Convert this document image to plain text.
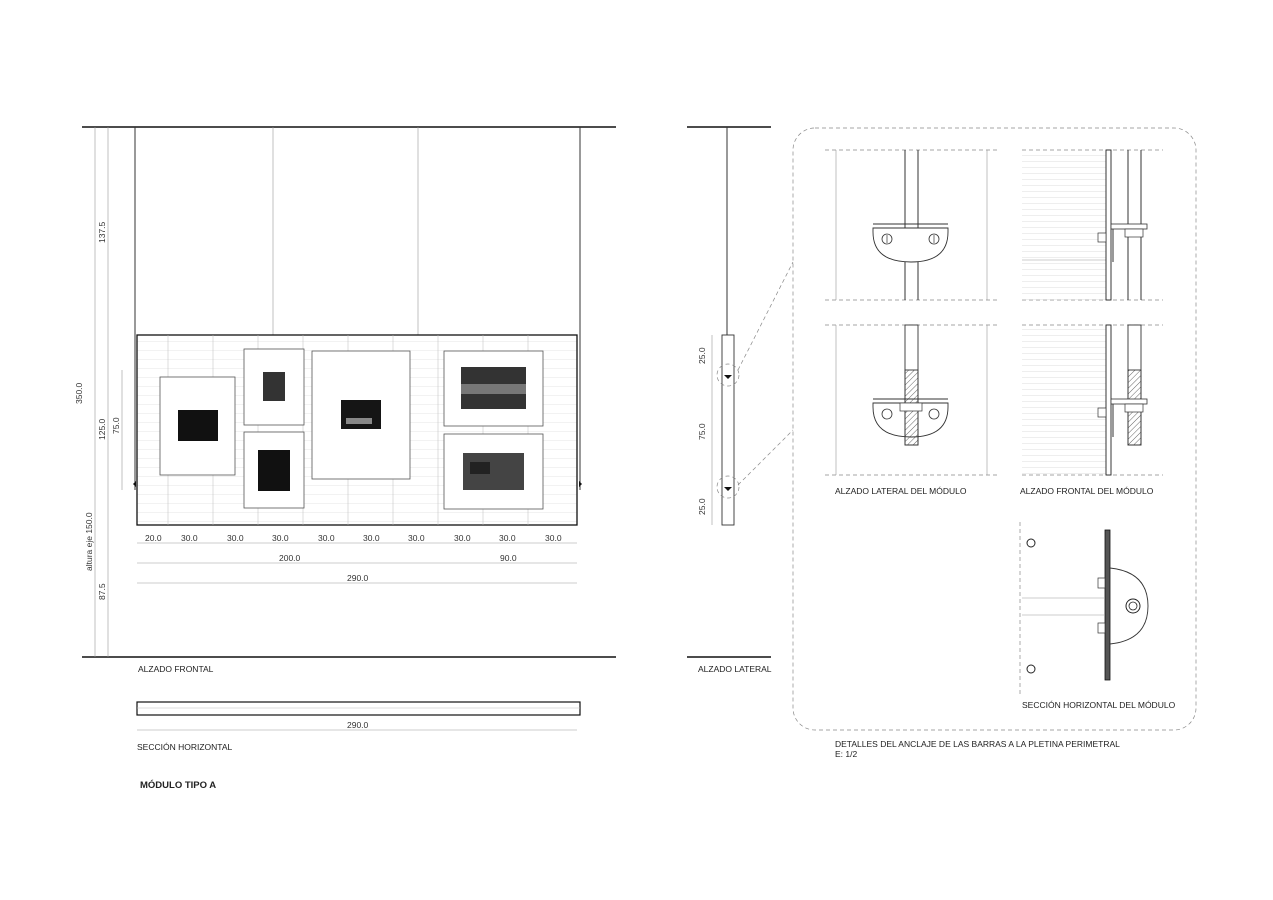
20.0 30.0	30.0	30.0	30.0	30.0	30.0	30.0	30.0	30.0
200.0	90.0
290.0
137.5
350.0
125.0 75.0
altura eje 150.0
87.5
ALZADO FRONTAL
290.0
SECCIÓN HORIZONTAL
MÓDULO TIPO A
25.0
75.0
25.0
ALZADO LATERAL
ALZADO LATERAL DEL MÓDULO	ALZADO FRONTAL DEL MÓDULO
SECCIÓN HORIZONTAL DEL MÓDULO
DETALLES DEL ANCLAJE DE LAS BARRAS A LA PLETINA PERIMETRAL
E: 1/2
